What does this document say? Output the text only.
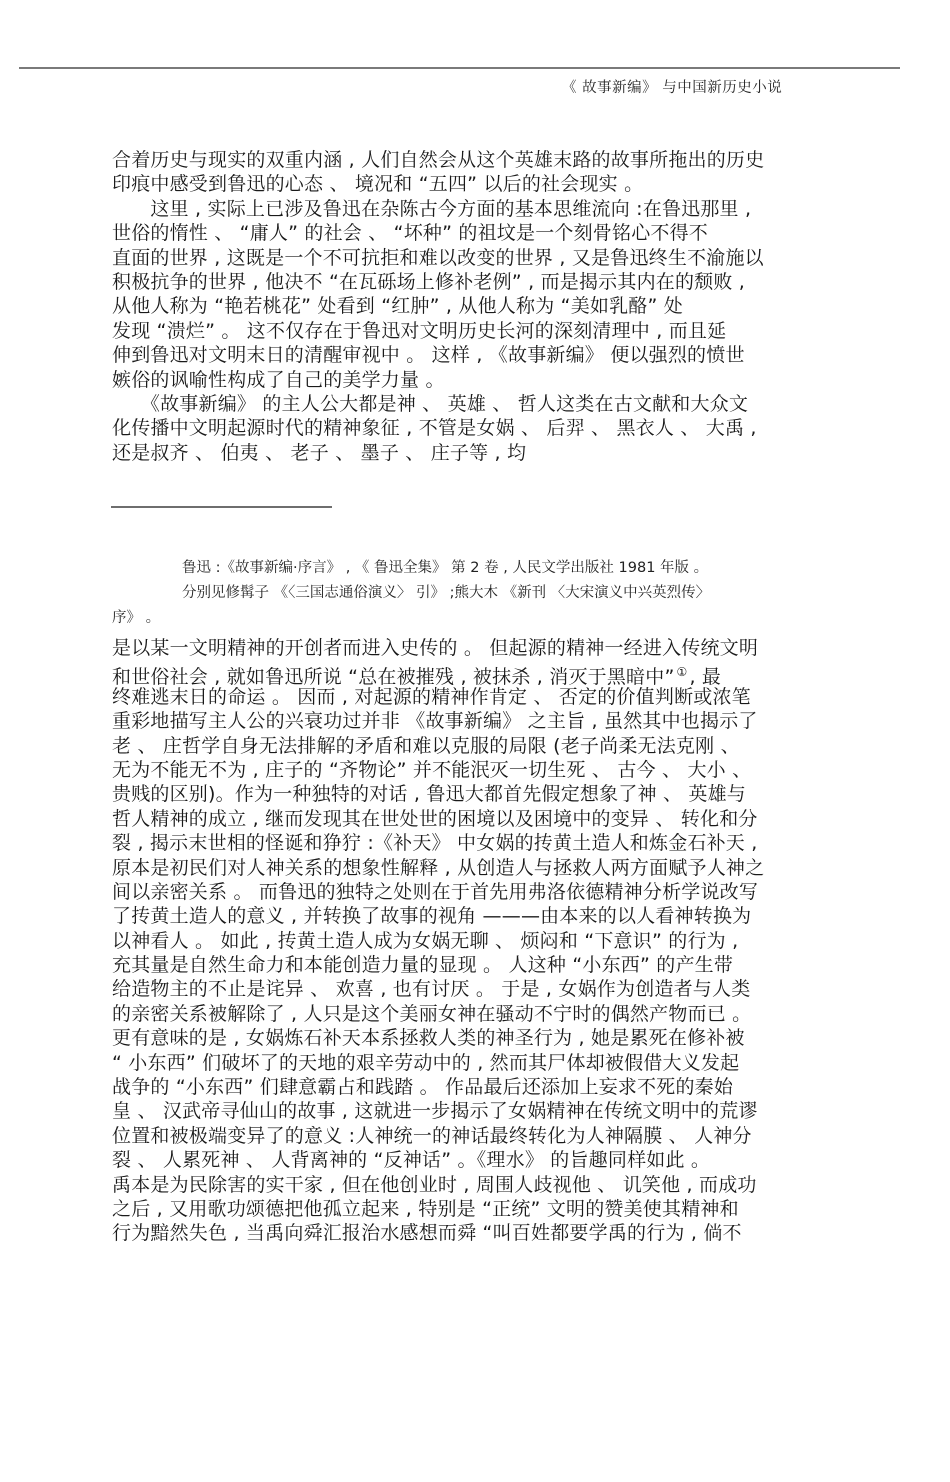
《 故事新编》 与中国新历史小说
合着历史与现实的双重内涵 , 人们自然会从这个英雄末路的故事所拖出的历史
印痕中感受到鲁迅的心态 、 境况和 “五四” 以后的社会现实 。
　　这里 , 实际上已涉及鲁迅在杂陈古今方面的基本思维流向 :在鲁迅那里 ,
世俗的惰性 、 “庸人” 的社会 、 “坏种” 的祖坟是一个刻骨铭心不得不
直面的世界 , 这既是一个不可抗拒和难以改变的世界 , 又是鲁迅终生不渝施以
积极抗争的世界 , 他决不 “在瓦砾场上修补老例” , 而是揭示其内在的颓败 ,
从他人称为 “艳若桃花” 处看到 “红肿” , 从他人称为 “美如乳酪” 处
发现 “溃烂” 。 这不仅存在于鲁迅对文明历史长河的深刻清理中 , 而且延
伸到鲁迅对文明末日的清醒审视中 。 这样 , 《故事新编》 便以强烈的愤世
嫉俗的讽喻性构成了自己的美学力量 。
　　《故事新编》 的主人公大都是神 、 英雄 、 哲人这类在古文献和大众文
化传播中文明起源时代的精神象征 , 不管是女娲 、 后羿 、 黑衣人 、 大禹 ,
还是叔齐 、 伯夷 、 老子 、 墨子 、 庄子等 , 均
鲁迅 :《故事新编·序言》 , 《 鲁迅全集》 第 2 卷 , 人民文学出版社 1981 年版 。
分别见修髯子 《〈三国志通俗演义〉 引》 ;熊大木 《新刊 〈大宋演义中兴英烈传〉
序》 。
是以某一文明精神的开创者而进入史传的 。 但起源的精神一经进入传统文明
和世俗社会 , 就如鲁迅所说 “总在被摧残 , 被抹杀 , 消灭于黑暗中” ① , 最
终难逃末日的命运 。 因而 , 对起源的精神作肯定 、 否定的价值判断或浓笔
重彩地描写主人公的兴衰功过并非 《故事新编》 之主旨 , 虽然其中也揭示了
老 、 庄哲学自身无法排解的矛盾和难以克服的局限 (老子尚柔无法克刚 、
无为不能无不为 , 庄子的 “齐物论” 并不能泯灭一切生死 、 古今 、 大小 、
贵贱的区别)。作为一种独特的对话 , 鲁迅大都首先假定想象了神 、 英雄与
哲人精神的成立 , 继而发现其在世处世的困境以及困境中的变异 、 转化和分
裂 , 揭示末世相的怪诞和狰狞 :《补天》 中女娲的抟黄土造人和炼金石补天 ,
原本是初民们对人神关系的想象性解释 , 从创造人与拯救人两方面赋予人神之
间以亲密关系 。 而鲁迅的独特之处则在于首先用弗洛依德精神分析学说改写
了抟黄土造人的意义 , 并转换了故事的视角 ———由本来的以人看神转换为
以神看人 。 如此 , 抟黄土造人成为女娲无聊 、 烦闷和 “下意识” 的行为 ,
充其量是自然生命力和本能创造力量的显现 。 人这种 “小东西” 的产生带
给造物主的不止是诧异 、 欢喜 , 也有讨厌 。 于是 , 女娲作为创造者与人类
的亲密关系被解除了 , 人只是这个美丽女神在骚动不宁时的偶然产物而已 。
更有意味的是 , 女娲炼石补天本系拯救人类的神圣行为 , 她是累死在修补被
“ 小东西” 们破坏了的天地的艰辛劳动中的 , 然而其尸体却被假借大义发起
战争的 “小东西” 们肆意霸占和践踏 。 作品最后还添加上妄求不死的秦始
皇 、 汉武帝寻仙山的故事 , 这就进一步揭示了女娲精神在传统文明中的荒谬
位置和被极端变异了的意义 :人神统一的神话最终转化为人神隔膜 、 人神分
裂 、 人累死神 、 人背离神的 “反神话” 。《理水》 的旨趣同样如此 。
禹本是为民除害的实干家 , 但在他创业时 , 周围人歧视他 、 讥笑他 , 而成功
之后 , 又用歌功颂德把他孤立起来 , 特别是 “正统” 文明的赞美使其精神和
行为黯然失色 , 当禹向舜汇报治水感想而舜 “叫百姓都要学禹的行为 , 倘不
